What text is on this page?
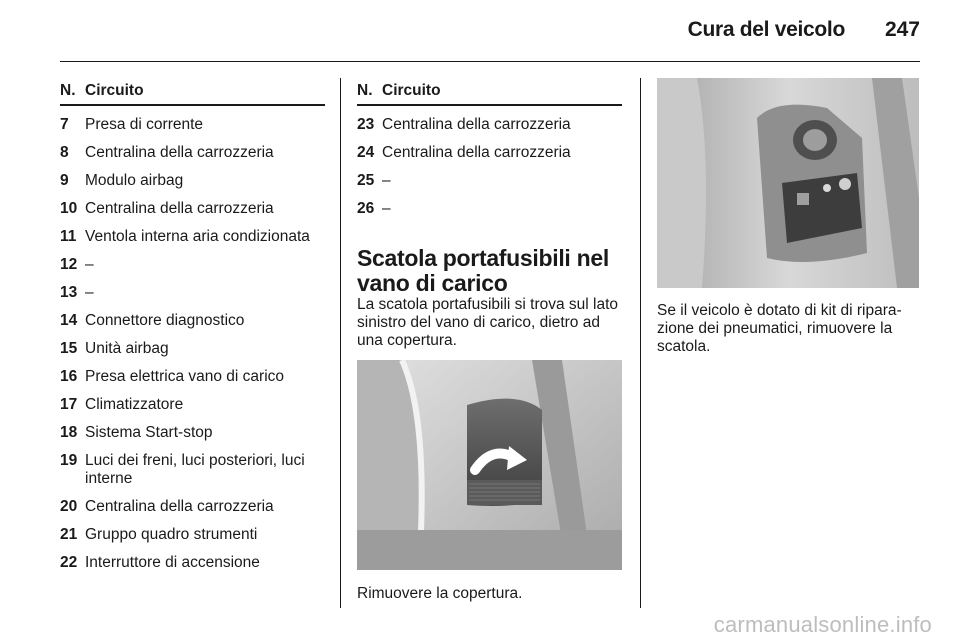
Cura del veicolo	247
N. Circuito
7	Presa di corrente
8	Centralina della carrozzeria
9	Modulo airbag
10 Centralina della carrozzeria
11 Ventola interna aria condizionata
12 –
13 –
14 Connettore diagnostico
15 Unità airbag
16 Presa elettrica vano di carico
17 Climatizzatore
18 Sistema Start-stop
19 Luci dei freni, luci posteriori, luci interne
20 Centralina della carrozzeria
21 Gruppo quadro strumenti
22 Interruttore di accensione
N. Circuito
23 Centralina della carrozzeria
24 Centralina della carrozzeria
25 –
26 –
Scatola portafusibili nel vano di carico

La scatola portafusibili si trova sul lato sinistro del vano di carico, dietro ad una copertura.

Rimuovere la copertura.

Se il veicolo è dotato di kit di ripara-zione dei pneumatici, rimuovere la scatola.

carmanualsonline.info
